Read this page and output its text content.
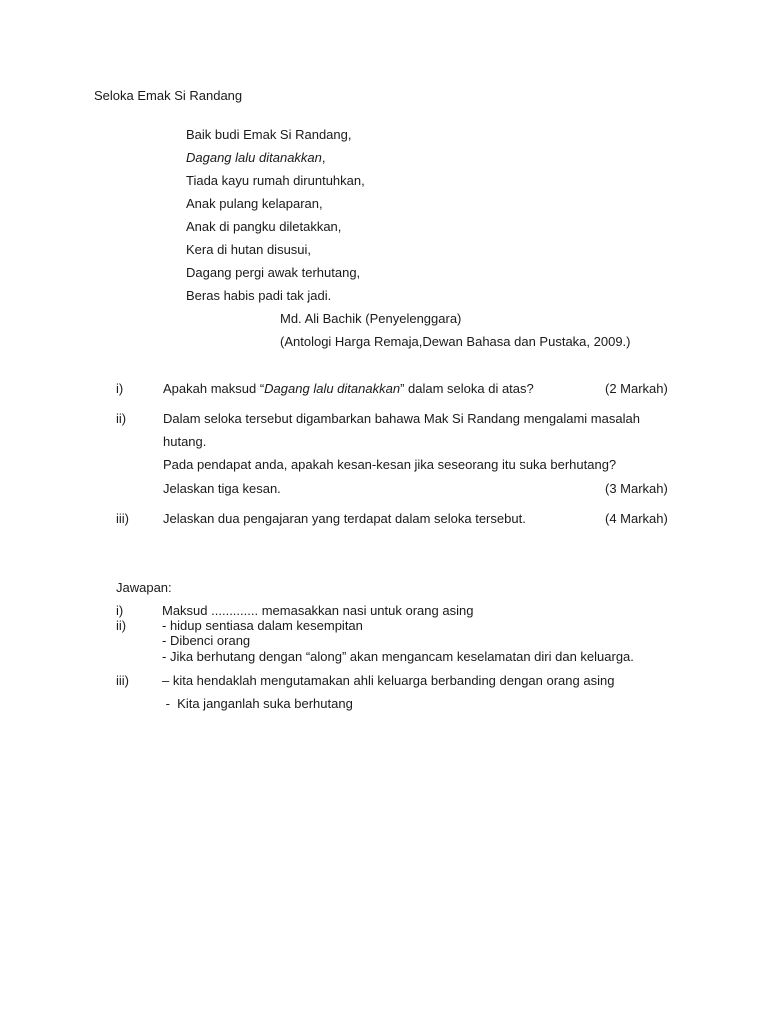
Seloka Emak Si Randang
Baik budi Emak Si Randang,
Dagang lalu ditanakkan,
Tiada kayu rumah diruntuhkan,
Anak pulang kelaparan,
Anak di pangku diletakkan,
Kera di hutan disusui,
Dagang pergi awak terhutang,
Beras habis padi tak jadi.
Md. Ali Bachik (Penyelenggara)
(Antologi Harga Remaja,Dewan Bahasa dan Pustaka, 2009.)
i)	Apakah maksud “Dagang lalu ditanakkan” dalam seloka di atas?	(2 Markah)
ii)	Dalam seloka tersebut digambarkan bahawa Mak Si Randang mengalami masalah
hutang.
Pada pendapat anda, apakah kesan-kesan jika seseorang itu suka berhutang?
Jelaskan tiga kesan.	(3 Markah)
iii)	Jelaskan dua pengajaran yang terdapat dalam seloka tersebut.	(4 Markah)
Jawapan:
i)	Maksud ............. memasakkan nasi untuk orang asing
ii)	- hidup sentiasa dalam kesempitan
- Dibenci orang
- Jika berhutang dengan “along” akan mengancam keselamatan diri dan keluarga.
iii)	– kita hendaklah mengutamakan ahli keluarga berbanding dengan orang asing
-  Kita janganlah suka berhutang
